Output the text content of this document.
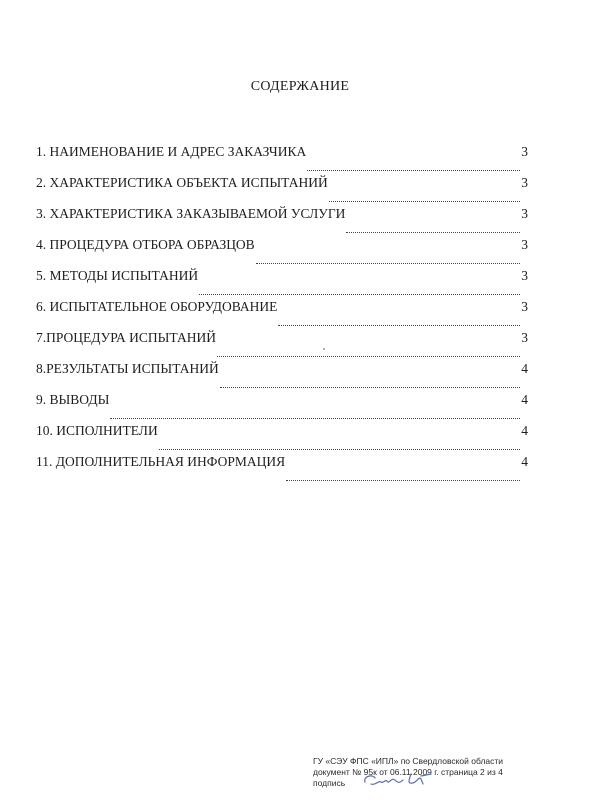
СОДЕРЖАНИЕ
1. НАИМЕНОВАНИЕ И АДРЕС ЗАКАЗЧИКА	3
2. ХАРАКТЕРИСТИКА ОБЪЕКТА ИСПЫТАНИЙ	3
3. ХАРАКТЕРИСТИКА ЗАКАЗЫВАЕМОЙ УСЛУГИ	3
4. ПРОЦЕДУРА ОТБОРА ОБРАЗЦОВ	3
5. МЕТОДЫ ИСПЫТАНИЙ	3
6. ИСПЫТАТЕЛЬНОЕ ОБОРУДОВАНИЕ	3
7.ПРОЦЕДУРА ИСПЫТАНИЙ	3
8.РЕЗУЛЬТАТЫ ИСПЫТАНИЙ	4
9. ВЫВОДЫ	4
10. ИСПОЛНИТЕЛИ	4
11. ДОПОЛНИТЕЛЬНАЯ ИНФОРМАЦИЯ	4
ГУ «СЭУ ФПС «ИПЛ» по Свердловской области
документ № 95к от 06.11.2009 г. страница 2 из 4
подпись
